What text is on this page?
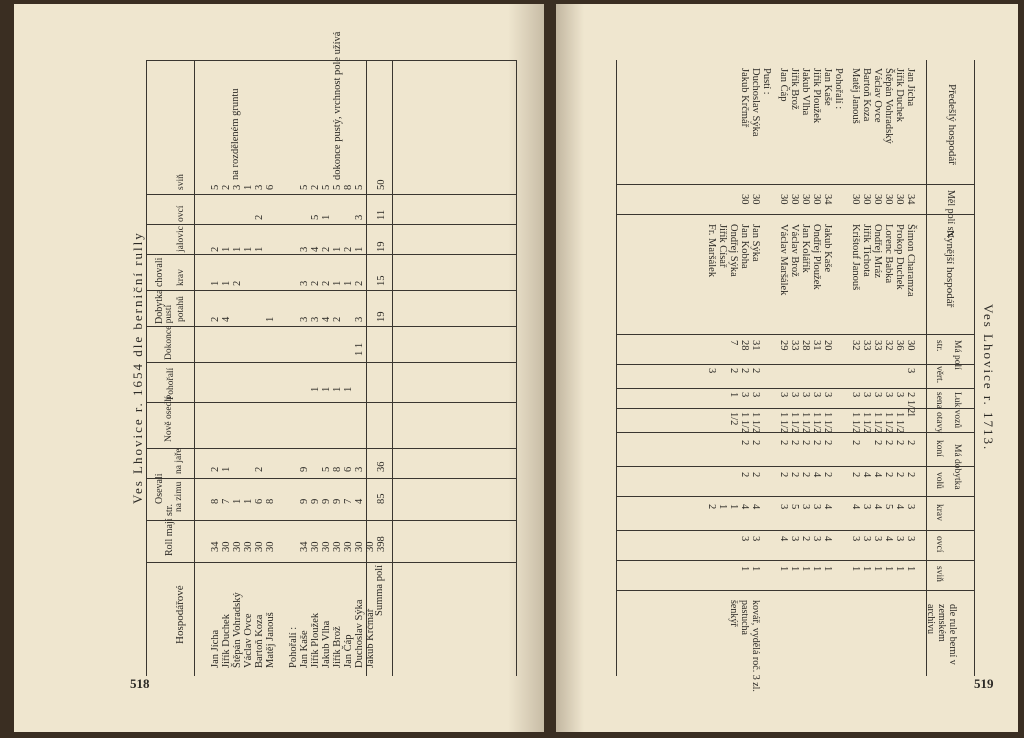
518
Ves Lhovice r. 1654 dle berniční rully
Hospodářové
Roll mají str.
Osevali na zimu
na jaře
Nově osedlí
Pohořalí
Dokonce pustí
Dobytka chovali potahů
krav
jalovic
ovcí
sviň
Jan Jícha
34
8
2
2
1
2
5
Jiřík Duchek
30
7
1
4
1
1
2
Štěpán Vohradský
30
1
2
1
3
Václav Ovce
30
1
1
1
Bartoň Koza
30
6
2
1
2
3
Matěj Janouš
30
8
1
6
Pohořalí : Jan Kaše
34
9
9
3
3
3
5
Jiřík Ploužek
30
9
1
3
2
4
5
2
Jakub Vlha
30
9
5
1
4
2
2
1
5
Jiřík Brož
30
9
8
1
2
1
1
5
Jan Čáp
30
7
6
1
1
2
8
Duchoslav Sýka
30
4
3
3
2
1
3
5
Jakub Krčmář
30
1 1
na rozděleném gruntu	dokonce pustý, vrchnost pole užívá
Summa polí
398
85
36
19
15
19
11
50
519
Ves Lhovice r. 1713.
Předešlý hospodář
Měl polí str.
Nynější hospodář
Má polí
str.
věrt.
Luk vozů
sena
otavy
Má dobytka
koní
volů
krav
ovcí
sviň
dle rule berní v zemském archivu
Jan Jícha
34
Šimon Charamza
30
3
2 1/2
1
2
2
3
3
1
Jiřík Duchek
30
Prokop Duchek
36
3
1 1/2
2
2
4
3
1
Štěpán Vohradský
30
Lorenc Babka
32
3
1 1/2
2
2
5
4
1
Václav Ovce
30
Ondřej Mráz
33
3
1 1/2
2
4
4
3
1
Bartoň Koza
30
Jiřík Tichota
33
3
1 1/2
4
3
3
1
Matěj Janouš
30
Krištouf Janouš
32
3
1 1/2
2
2
4
3
1
Pohořalí :
Jan Kaše
34
Jakub Kaše
20
3
1 1/2
2
2
4
4
1
Jiřík Ploužek
30
Ondřej Ploužek
31
3
1 1/2
2
4
3
3
1
Jakub Vlha
30
Jan Kolářík
28
3
1 1/2
2
2
3
2
1
Jiřík Brož
30
Václav Brož
33
3
1 1/2
2
2
5
3
1
Jan Čáp
30
Václav Maršálek
29
3
1 1/2
2
2
3
4
1
Pustí :
Duchoslav Sýka
30
Jan Sýka
31
2
3
1 1/2
2
2
4
3
1
kovář, vydělá roč. 3 zl.
Jakub Krčmář
30
Jan Kobha
28
2
3
1 1/2
2
2
4
3
1
pastucha
Ondřej Sýka
7
2
1
1/2
1
šenkýř
Jiřík Císař
1
Fr. Maršálek
3
2
